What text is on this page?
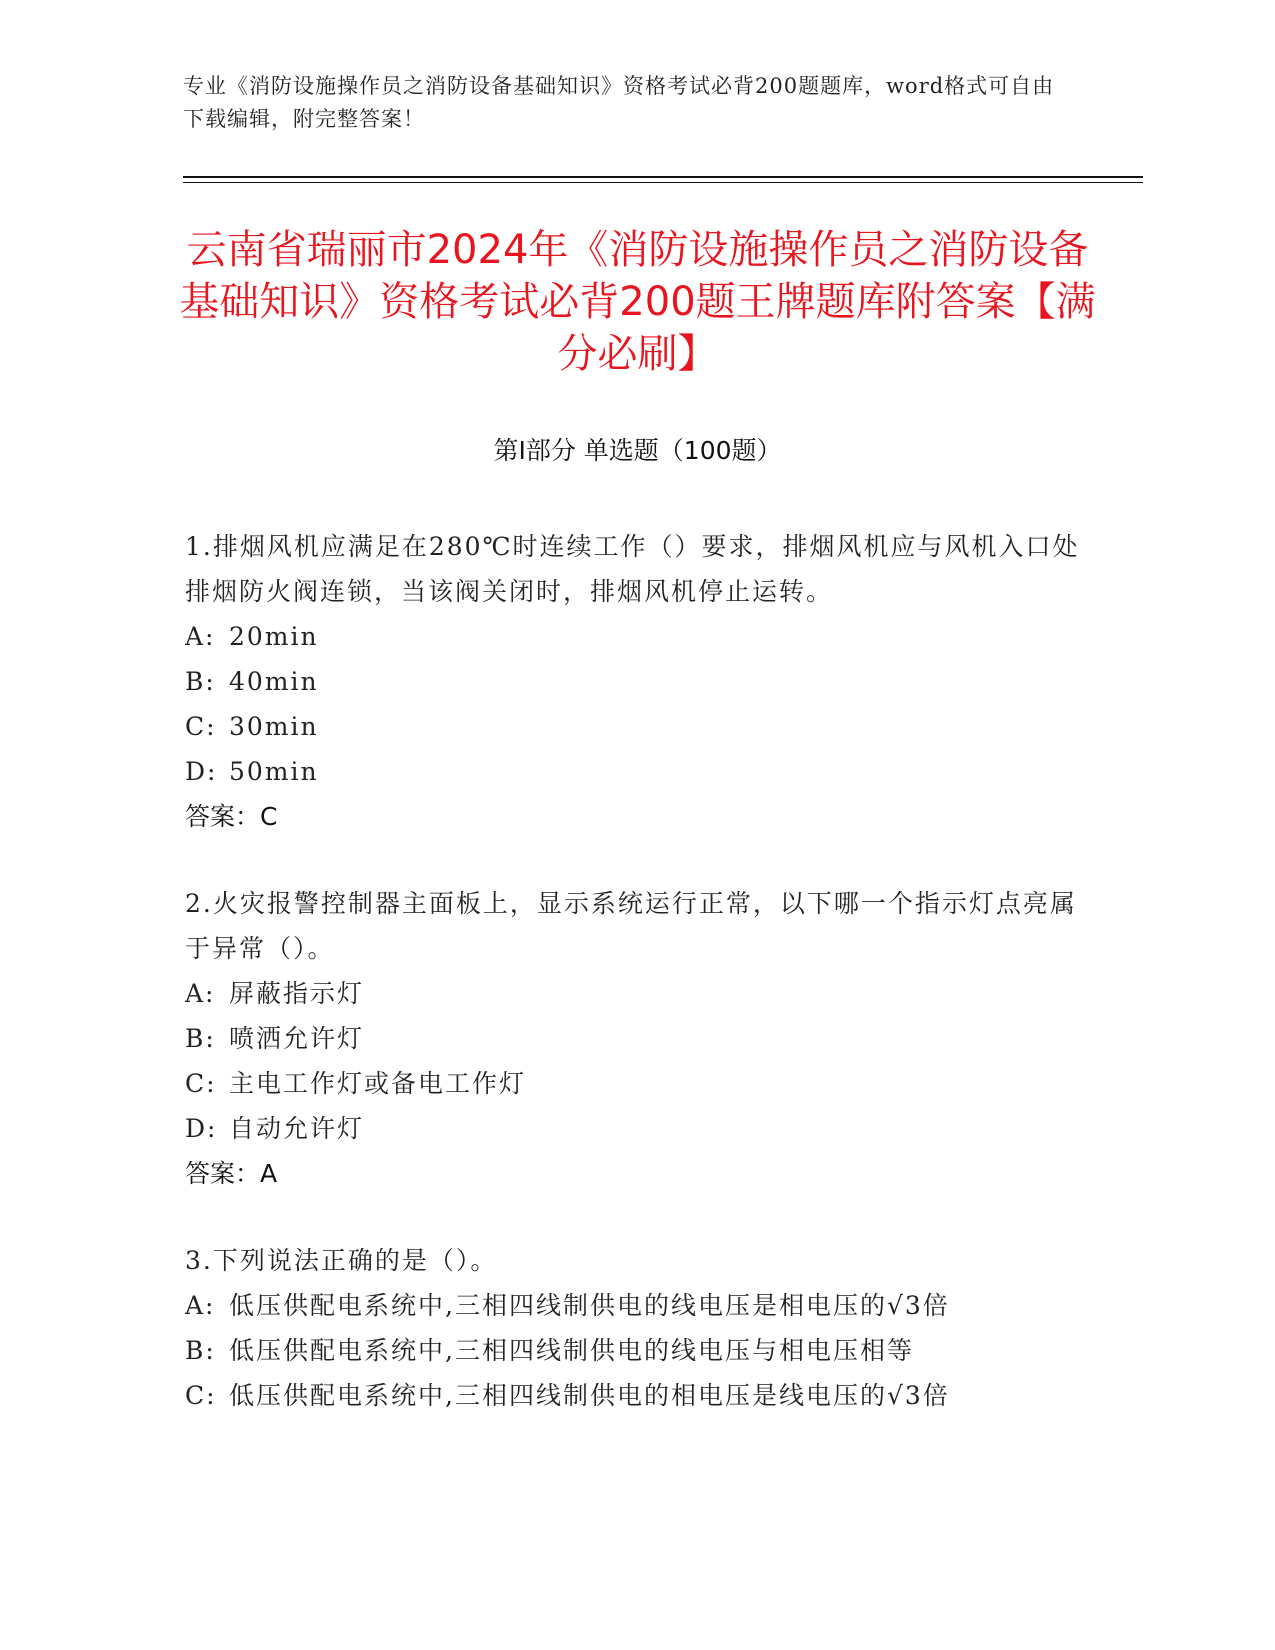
专业《消防设施操作员之消防设备基础知识》资格考试必背200题题库，word格式可自由下载编辑，附完整答案！
云南省瑞丽市2024年《消防设施操作员之消防设备基础知识》资格考试必背200题王牌题库附答案【满分必刷】
第I部分 单选题（100题）
1.排烟风机应满足在280℃时连续工作（）要求，排烟风机应与风机入口处排烟防火阀连锁，当该阀关闭时，排烟风机停止运转。
A: 20min
B: 40min
C: 30min
D: 50min
答案：C
2.火灾报警控制器主面板上，显示系统运行正常，以下哪一个指示灯点亮属于异常（）。
A: 屏蔽指示灯
B: 喷洒允许灯
C: 主电工作灯或备电工作灯
D: 自动允许灯
答案：A
3.下列说法正确的是（）。
A: 低压供配电系统中,三相四线制供电的线电压是相电压的√3倍
B: 低压供配电系统中,三相四线制供电的线电压与相电压相等
C: 低压供配电系统中,三相四线制供电的相电压是线电压的√3倍
